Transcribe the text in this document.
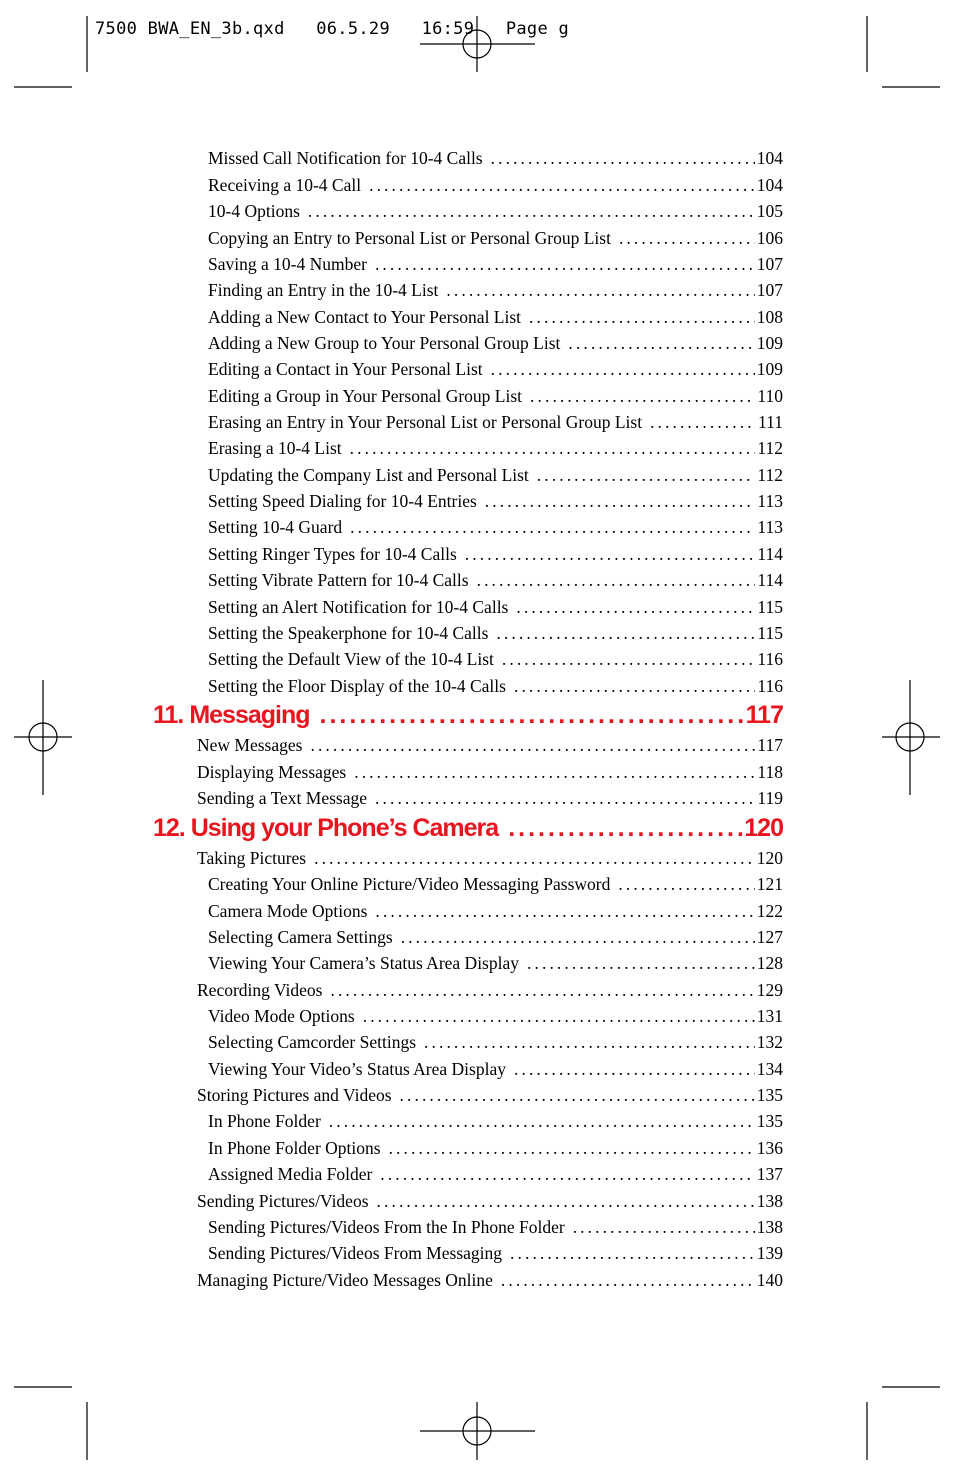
7500 BWA_EN_3b.qxd   06.5.29   16:59   Page g
Missed Call Notification for 10-4 Calls .....	104
Receiving a 10-4 Call .....	104
10-4 Options .....	105
Copying an Entry to Personal List or Personal Group List .....	106
Saving a 10-4 Number .....	107
Finding an Entry in the 10-4 List .....	107
Adding a New Contact to Your Personal List .....	108
Adding a New Group to Your Personal Group List .....	109
Editing a Contact in Your Personal List .....	109
Editing a Group in Your Personal Group List .....	110
Erasing an Entry in Your Personal List or Personal Group List .....	111
Erasing a 10-4 List .....	112
Updating the Company List and Personal List .....	112
Setting Speed Dialing for 10-4 Entries .....	113
Setting 10-4 Guard .....	113
Setting Ringer Types for 10-4 Calls .....	114
Setting Vibrate Pattern for 10-4 Calls .....	114
Setting an Alert Notification for 10-4 Calls .....	115
Setting the Speakerphone for 10-4 Calls .....	115
Setting the Default View of the 10-4 List .....	116
Setting the Floor Display of the 10-4 Calls .....	116
11. Messaging .....	117
New Messages .....	117
Displaying Messages .....	118
Sending a Text Message .....	119
12. Using your Phone’s Camera .....	120
Taking Pictures .....	120
Creating Your Online Picture/Video Messaging Password .....	121
Camera Mode Options .....	122
Selecting Camera Settings .....	127
Viewing Your Camera’s Status Area Display .....	128
Recording Videos .....	129
Video Mode Options .....	131
Selecting Camcorder Settings .....	132
Viewing Your Video’s Status Area Display .....	134
Storing Pictures and Videos .....	135
In Phone Folder .....	135
In Phone Folder Options .....	136
Assigned Media Folder .....	137
Sending Pictures/Videos .....	138
Sending Pictures/Videos From the In Phone Folder .....	138
Sending Pictures/Videos From Messaging .....	139
Managing Picture/Video Messages Online .....	140
